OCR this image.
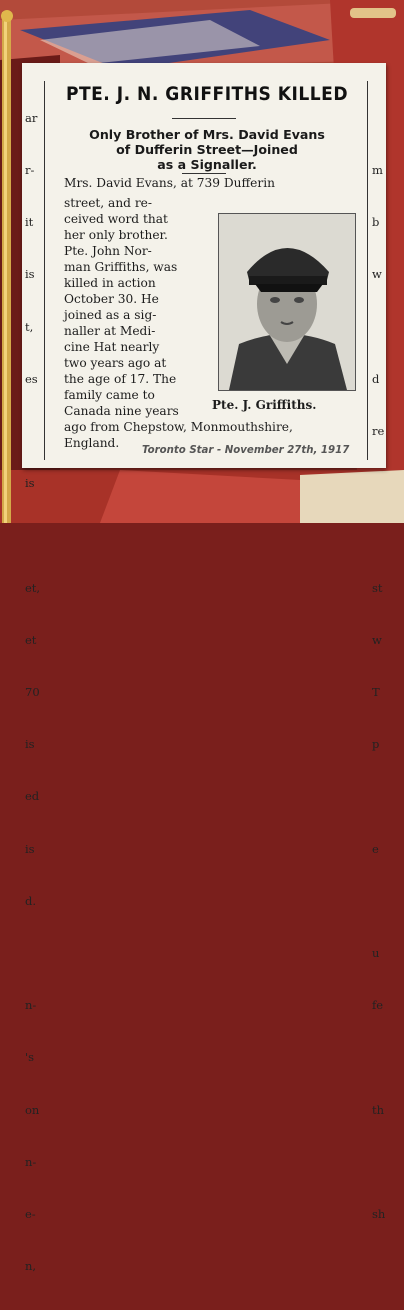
ar

r-

it

is

t,

es

is

et,

et

70

is

ed

is

d.

n-

's

on

n-

e-

n,

m

b

w

d

re

st

w

T

p

e

u

fe

th

sh

PTE. J. N. GRIFFITHS KILLED
Only Brother of Mrs. David Evans
of Dufferin Street—Joined
as a Signaller.
Mrs. David Evans, at 739 Dufferin
street, and re-
ceived word that
her only brother.
Pte. John Nor-
man Griffiths, was
killed in action
October 30. He
joined as a sig-
naller at Medi-
cine Hat nearly
two years ago at
the age of 17. The
family came to
Canada nine years
ago from Chepstow, Monmouthshire,
England.
Pte. J. Griffiths.
Toronto Star - November 27th, 1917
